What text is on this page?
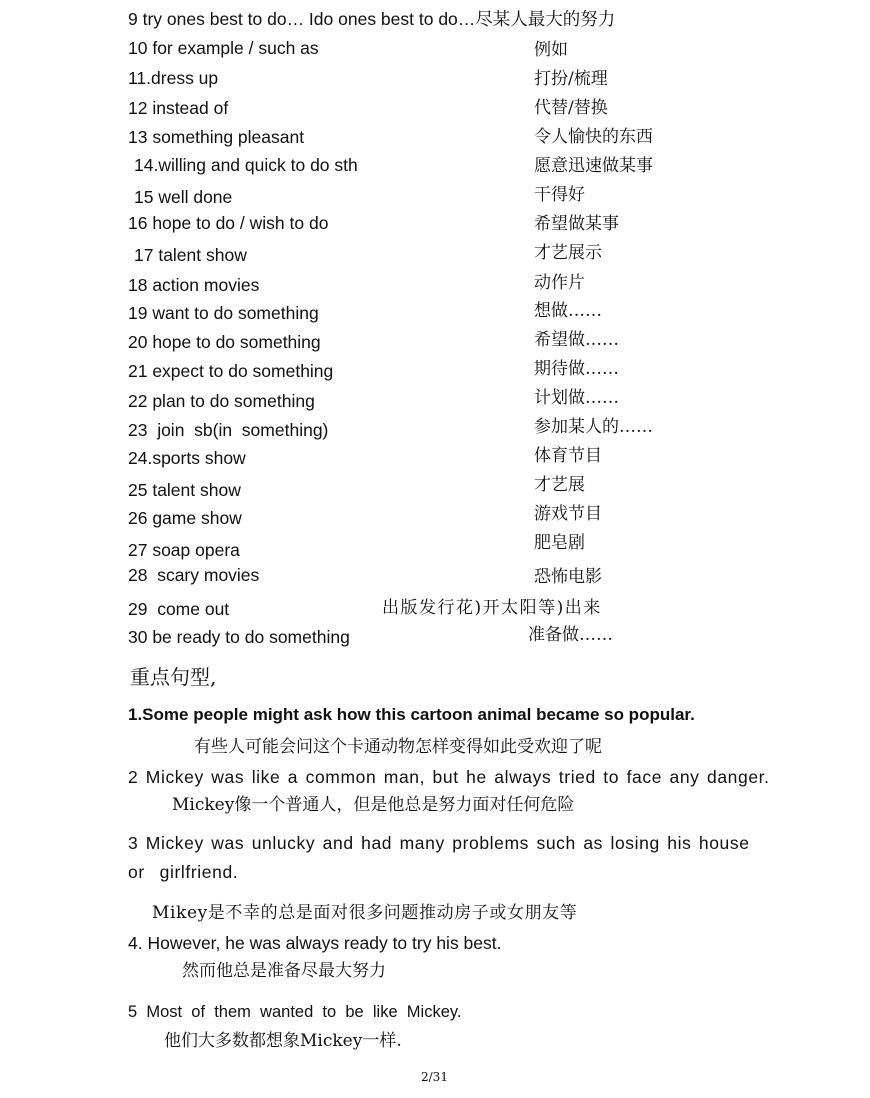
9 try ones best to do… Ido ones best to do…尽某人最大的努力
10 for example / such as	例如
11.dress up	打扮/梳理
12 instead of	代替/替换
13 something pleasant	令人愉快的东西
14.willing and quick to do sth	愿意迅速做某事
15 well done	干得好
16 hope to do / wish to do	希望做某事
17 talent show	才艺展示
18 action movies	动作片
19 want to do something	想做……
20 hope to do something	希望做……
21 expect to do something	期待做……
22 plan to do something	计划做……
23  join  sb(in  something)	参加某人的……
24.sports show	体育节目
25 talent show	才艺展
26 game show	游戏节目
27 soap opera	肥皂剧
28  scary movies	恐怖电影
29  come out	出版发行花)开太阳等)出来
30 be ready to do something	准备做……
重点句型,
1.Some people might ask how this cartoon animal became so popular.
有些人可能会问这个卡通动物怎样变得如此受欢迎了呢
2 Mickey was like a common man, but he always tried to face any danger.
Mickey像一个普通人，但是他总是努力面对任何危险
3 Mickey was unlucky and had many problems such as losing his house
or  girlfriend.
Mikey是不幸的总是面对很多问题推动房子或女朋友等
4. However, he was always ready to try his best.
然而他总是准备尽最大努力
5  Most  of  them  wanted  to  be  like  Mickey.
他们大多数都想象Mickey一样.
2/31
